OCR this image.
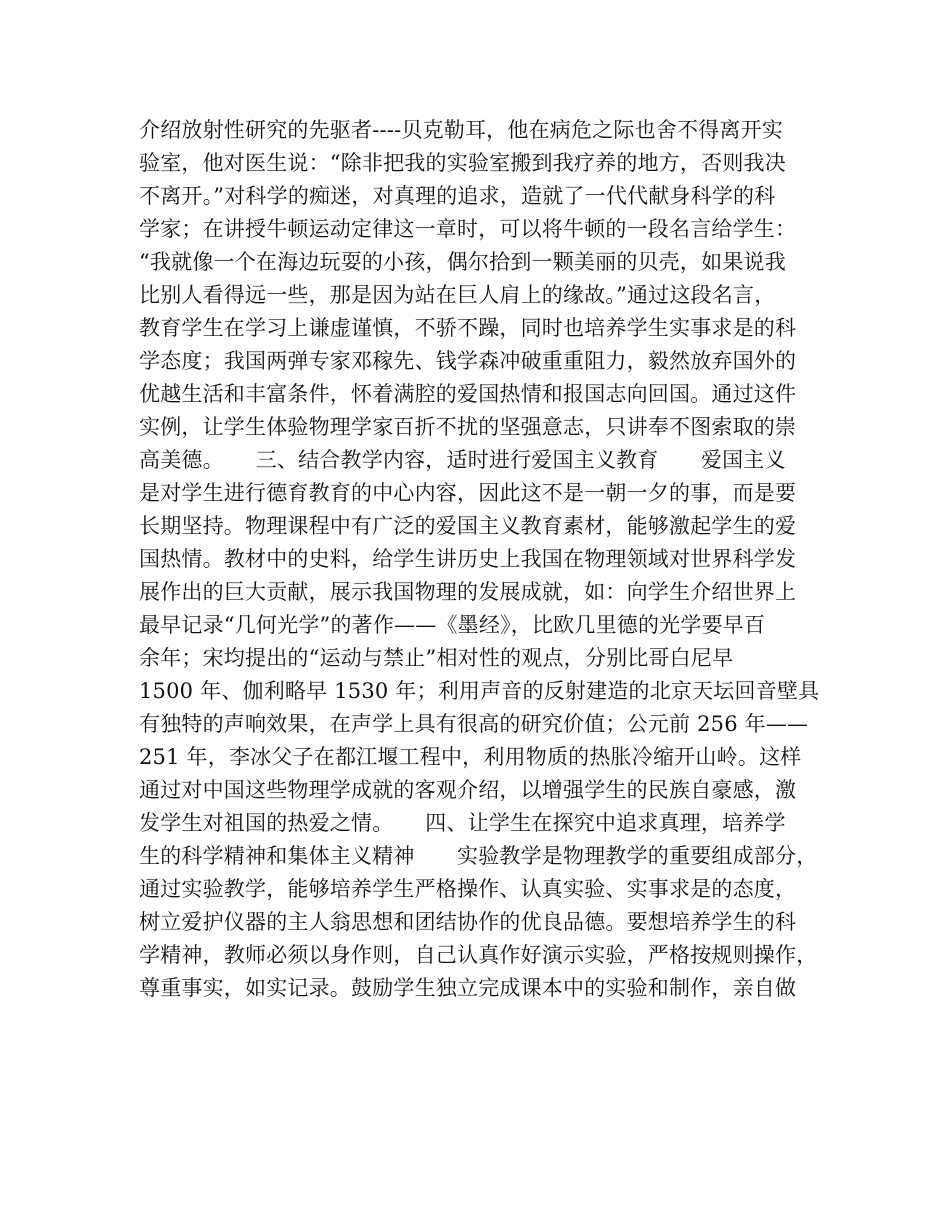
介绍放射性研究的先驱者----贝克勒耳，他在病危之际也舍不得离开实
验室，他对医生说：“除非把我的实验室搬到我疗养的地方，否则我决
不离开。”对科学的痴迷，对真理的追求，造就了一代代献身科学的科
学家；在讲授牛顿运动定律这一章时，可以将牛顿的一段名言给学生：
“我就像一个在海边玩耍的小孩，偶尔拾到一颗美丽的贝壳，如果说我
比别人看得远一些，那是因为站在巨人肩上的缘故。”通过这段名言，
教育学生在学习上谦虚谨慎，不骄不躁，同时也培养学生实事求是的科
学态度；我国两弹专家邓稼先、钱学森冲破重重阻力，毅然放弃国外的
优越生活和丰富条件，怀着满腔的爱国热情和报国志向回国。通过这件
实例，让学生体验物理学家百折不扰的坚强意志，只讲奉不图索取的崇
高美德。　　三、结合教学内容，适时进行爱国主义教育　　爱国主义
是对学生进行德育教育的中心内容，因此这不是一朝一夕的事，而是要
长期坚持。物理课程中有广泛的爱国主义教育素材，能够激起学生的爱
国热情。教材中的史料，给学生讲历史上我国在物理领域对世界科学发
展作出的巨大贡献，展示我国物理的发展成就，如：向学生介绍世界上
最早记录“几何光学”的著作——《墨经》，比欧几里德的光学要早百
余年；宋均提出的“运动与禁止”相对性的观点，分别比哥白尼早
1500 年、伽利略早 1530 年；利用声音的反射建造的北京天坛回音壁具
有独特的声响效果，在声学上具有很高的研究价值；公元前 256 年——
251 年，李冰父子在都江堰工程中，利用物质的热胀冷缩开山岭。这样
通过对中国这些物理学成就的客观介绍，以增强学生的民族自豪感，激
发学生对祖国的热爱之情。　　四、让学生在探究中追求真理，培养学
生的科学精神和集体主义精神　　实验教学是物理教学的重要组成部分，
通过实验教学，能够培养学生严格操作、认真实验、实事求是的态度，
树立爱护仪器的主人翁思想和团结协作的优良品德。要想培养学生的科
学精神，教师必须以身作则，自己认真作好演示实验，严格按规则操作，
尊重事实，如实记录。鼓励学生独立完成课本中的实验和制作，亲自做
